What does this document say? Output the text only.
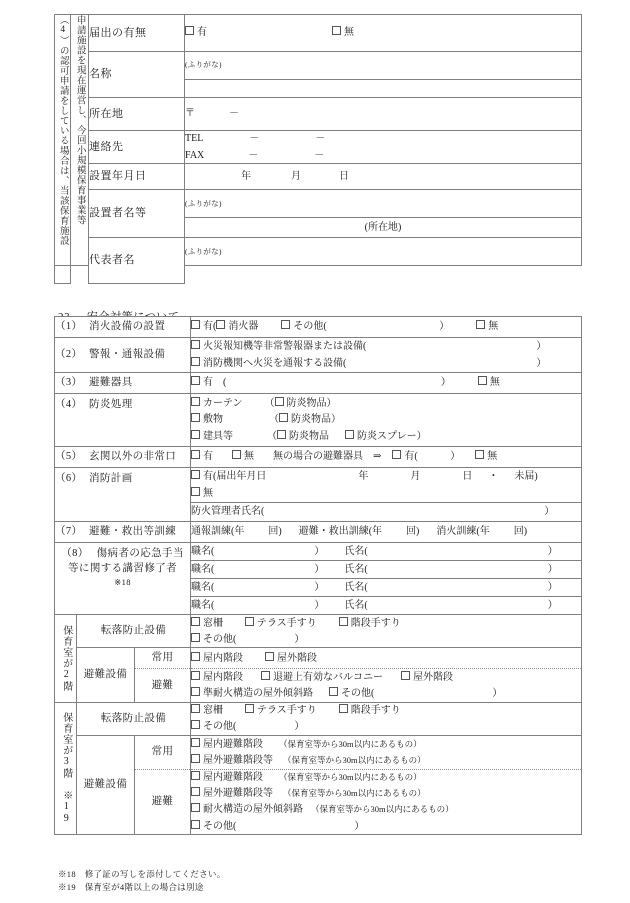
（4）の認可申請をしている場合は、当該保育施設	申請施設を現在運営し、今回小規模保育事業等	届出の有無	有 無

		名称	(ふりがな)

		所在地	〒 －

		連絡先	TEL － －
FAX － －

		設置年月日	年 月 日

		設置者名等	(ふりがな)
			(所在地)
		代表者名	(ふりがな)

（1） 消火設備の設置			有( 消火器 その他( ） 無

（2） 警報・通報設備			火災報知機等非常警報器または設備( ）
消防機関へ火災を通報する設備( ）

（3） 避難器具			有　( ） 無

（4） 防炎処理			カーテン （ 防炎物品）
敷物 （ 防炎物品）
建具等 （ 防炎物品 防炎スプレー）

（5） 玄関以外の非常口			有 無 無の場合の避難器具　⇒ 有( ） 無

（6） 消防計画			有(届出年月日 年 月 日 ・ 未届)
無

			防火管理者氏名( ）

（7） 避難・救出等訓練			通報訓練(年 回) 避難・救出訓練(年 回) 消火訓練(年 回)

（8） 傷病者の応急手当
等に関する講習修了者
※18			職名( ） 氏名( ）

			職名( ） 氏名( ）

			職名( ） 氏名( ）

			職名( ） 氏名( ）

保育室が2階	転落防止設備		窓柵 テラス手すり 階段手すり
その他( ）

	避難設備	常用	屋内階段 屋外階段

		避難	屋内階段 退避上有効なバルコニー 屋外階段
準耐火構造の屋外傾斜路 その他( ）

保育室が3階　※19	転落防止設備		窓柵 テラス手すり 階段手すり
その他( ）

	避難設備	常用	屋内避難階段 （保育室等から30m以内にあるもの）
屋外避難階段等 （保育室等から30m以内にあるもの）

		避難	屋内避難階段 （保育室等から30m以内にあるもの）
屋外避難階段等 （保育室等から30m以内にあるもの）
耐火構造の屋外傾斜路 （保育室等から30m以内にあるもの）
その他( ）
※18　修了証の写しを添付してください。
※19　保育室が4階以上の場合は別途
